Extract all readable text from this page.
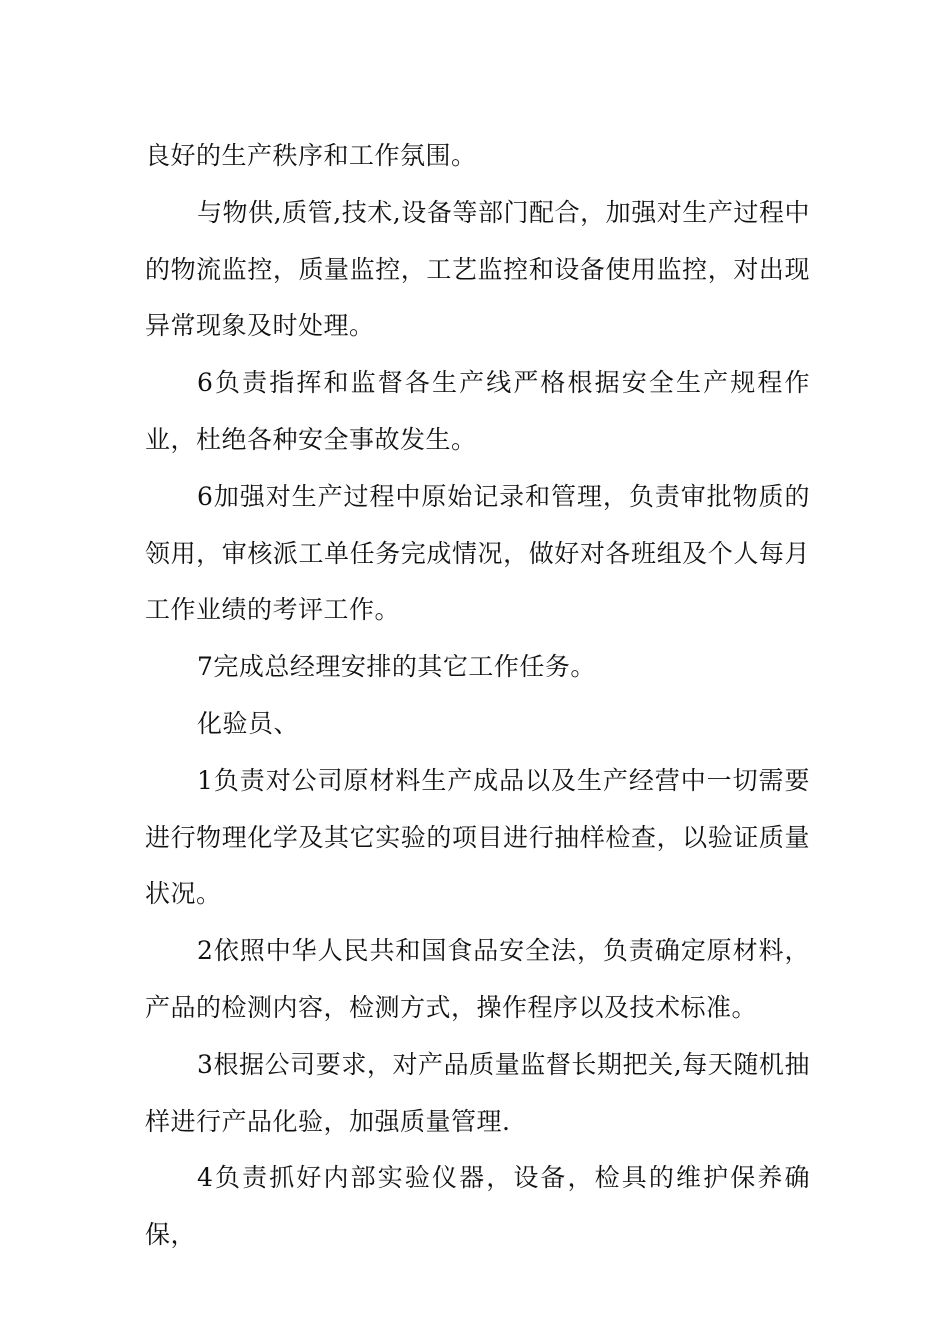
良好的生产秩序和工作氛围。

与物供,质管,技术,设备等部门配合，加强对生产过程中的物流监控，质量监控，工艺监控和设备使用监控，对出现异常现象及时处理。

6负责指挥和监督各生产线严格根据安全生产规程作业，杜绝各种安全事故发生。

6加强对生产过程中原始记录和管理，负责审批物质的领用，审核派工单任务完成情况，做好对各班组及个人每月工作业绩的考评工作。

7完成总经理安排的其它工作任务。

化验员、

1负责对公司原材料生产成品以及生产经营中一切需要进行物理化学及其它实验的项目进行抽样检查，以验证质量状况。

2依照中华人民共和国食品安全法，负责确定原材料，产品的检测内容，检测方式，操作程序以及技术标准。

3根据公司要求，对产品质量监督长期把关,每天随机抽样进行产品化验，加强质量管理.

4负责抓好内部实验仪器，设备，检具的维护保养确保，
